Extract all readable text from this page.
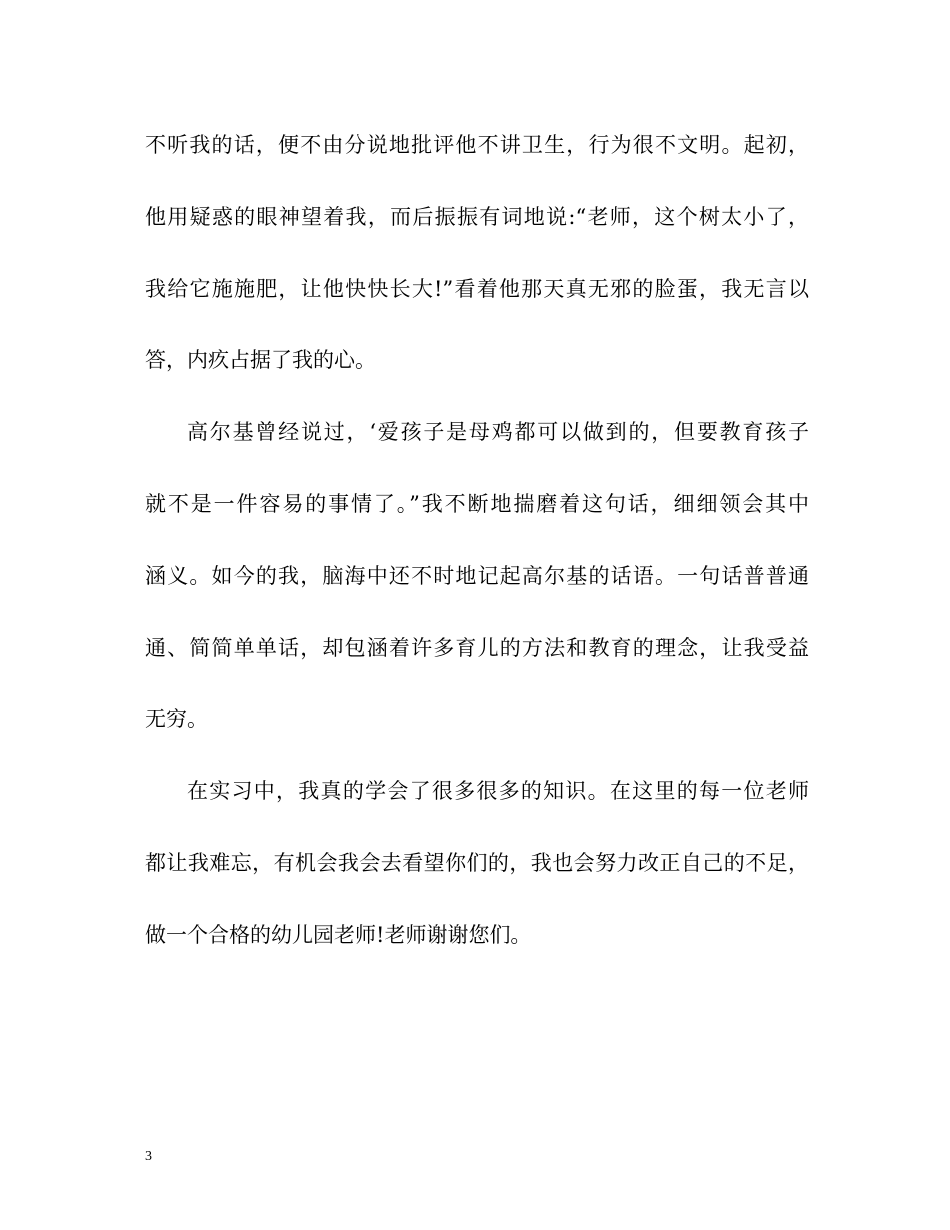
不听我的话，便不由分说地批评他不讲卫生，行为很不文明。起初，
他用疑惑的眼神望着我，而后振振有词地说:“老师，这个树太小了，
我给它施施肥，让他快快长大!”看着他那天真无邪的脸蛋，我无言以
答，内疚占据了我的心。
高尔基曾经说过，‘爱孩子是母鸡都可以做到的，但要教育孩子
就不是一件容易的事情了。”我不断地揣磨着这句话，细细领会其中
涵义。如今的我，脑海中还不时地记起高尔基的话语。一句话普普通
通、简简单单话，却包涵着许多育儿的方法和教育的理念，让我受益
无穷。
在实习中，我真的学会了很多很多的知识。在这里的每一位老师
都让我难忘，有机会我会去看望你们的，我也会努力改正自己的不足，
做一个合格的幼儿园老师!老师谢谢您们。
3
